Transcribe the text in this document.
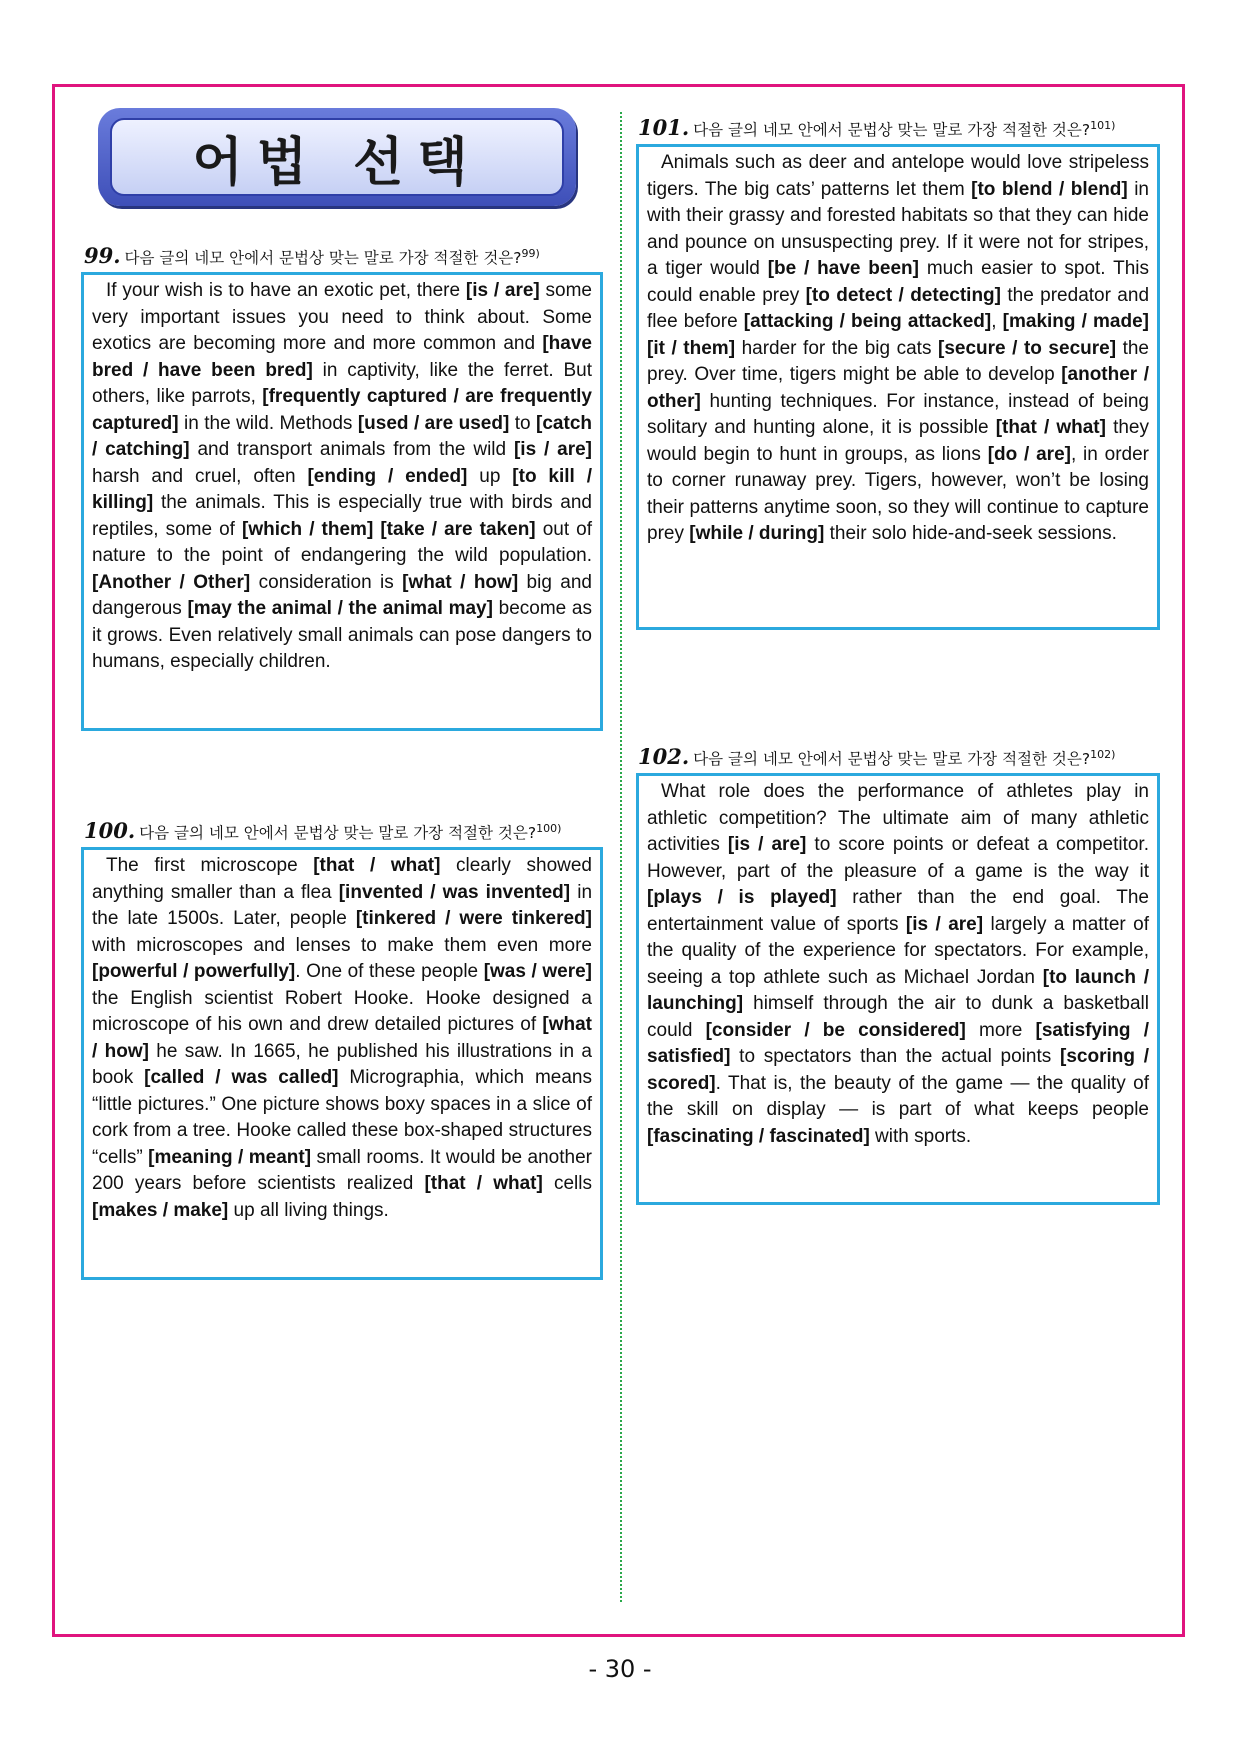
어법 선택
99. 다음 글의 네모 안에서 문법상 맞는 말로 가장 적절한 것은?$^{99)}$

If your wish is to have an exotic pet, there [is / are] some very important issues you need to think about. Some exotics are becoming more and more common and [have bred / have been bred] in captivity, like the ferret. But others, like parrots, [frequently captured / are frequently captured] in the wild. Methods [used / are used] to [catch / catching] and transport animals from the wild [is / are] harsh and cruel, often [ending / ended] up [to kill / killing] the animals. This is especially true with birds and reptiles, some of [which / them] [take / are taken] out of nature to the point of endangering the wild population. [Another / Other] consideration is [what / how] big and dangerous [may the animal / the animal may] become as it grows. Even relatively small animals can pose dangers to humans, especially children.

100. 다음 글의 네모 안에서 문법상 맞는 말로 가장 적절한 것은?$^{100)}$

The first microscope [that / what] clearly showed anything smaller than a flea [invented / was invented] in the late 1500s. Later, people [tinkered / were tinkered] with microscopes and lenses to make them even more [powerful / powerfully]. One of these people [was / were] the English scientist Robert Hooke. Hooke designed a microscope of his own and drew detailed pictures of [what / how] he saw. In 1665, he published his illustrations in a book [called / was called] Micrographia, which means “little pictures.” One picture shows boxy spaces in a slice of cork from a tree. Hooke called these box-shaped structures “cells” [meaning / meant] small rooms. It would be another 200 years before scientists realized [that / what] cells [makes / make] up all living things.

101. 다음 글의 네모 안에서 문법상 맞는 말로 가장 적절한 것은?$^{101)}$

Animals such as deer and antelope would love stripeless tigers. The big cats’ patterns let them [to blend / blend] in with their grassy and forested habitats so that they can hide and pounce on unsuspecting prey. If it were not for stripes, a tiger would [be / have been] much easier to spot. This could enable prey [to detect / detecting] the predator and flee before [attacking / being attacked], [making / made] [it / them] harder for the big cats [secure / to secure] the prey. Over time, tigers might be able to develop [another / other] hunting techniques. For instance, instead of being solitary and hunting alone, it is possible [that / what] they would begin to hunt in groups, as lions [do / are], in order to corner runaway prey. Tigers, however, won’t be losing their patterns anytime soon, so they will continue to capture prey [while / during] their solo hide-and-seek sessions.

102. 다음 글의 네모 안에서 문법상 맞는 말로 가장 적절한 것은?$^{102)}$

What role does the performance of athletes play in athletic competition? The ultimate aim of many athletic activities [is / are] to score points or defeat a competitor. However, part of the pleasure of a game is the way it [plays / is played] rather than the end goal. The entertainment value of sports [is / are] largely a matter of the quality of the experience for spectators. For example, seeing a top athlete such as Michael Jordan [to launch / launching] himself through the air to dunk a basketball could [consider / be considered] more [satisfying / satisfied] to spectators than the actual points [scoring / scored]. That is, the beauty of the game — the quality of the skill on display — is part of what keeps people [fascinating / fascinated] with sports.

- 30 -
